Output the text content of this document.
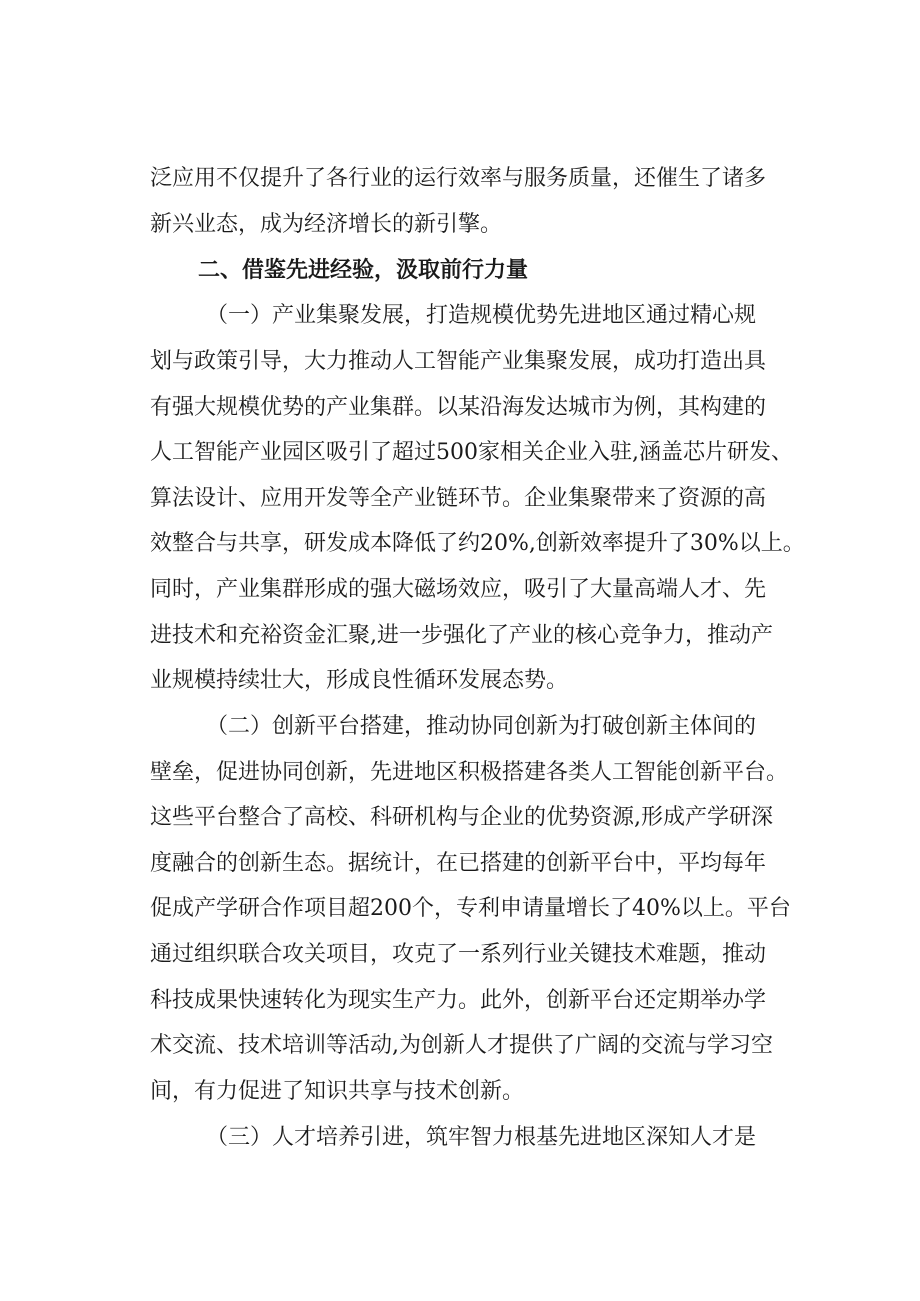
泛应用不仅提升了各行业的运行效率与服务质量，还催生了诸多
新兴业态，成为经济增长的新引擎。
二、借鉴先进经验，汲取前行力量
（一）产业集聚发展，打造规模优势先进地区通过精心规
划与政策引导，大力推动人工智能产业集聚发展，成功打造出具
有强大规模优势的产业集群。以某沿海发达城市为例，其构建的
人工智能产业园区吸引了超过500家相关企业入驻,涵盖芯片研发、
算法设计、应用开发等全产业链环节。企业集聚带来了资源的高
效整合与共享，研发成本降低了约20%,创新效率提升了30%以上。
同时，产业集群形成的强大磁场效应，吸引了大量高端人才、先
进技术和充裕资金汇聚,进一步强化了产业的核心竞争力，推动产
业规模持续壮大，形成良性循环发展态势。
（二）创新平台搭建，推动协同创新为打破创新主体间的
壁垒，促进协同创新，先进地区积极搭建各类人工智能创新平台。
这些平台整合了高校、科研机构与企业的优势资源,形成产学研深
度融合的创新生态。据统计，在已搭建的创新平台中，平均每年
促成产学研合作项目超200个，专利申请量增长了40%以上。平台
通过组织联合攻关项目，攻克了一系列行业关键技术难题，推动
科技成果快速转化为现实生产力。此外，创新平台还定期举办学
术交流、技术培训等活动,为创新人才提供了广阔的交流与学习空
间，有力促进了知识共享与技术创新。
（三）人才培养引进，筑牢智力根基先进地区深知人才是
